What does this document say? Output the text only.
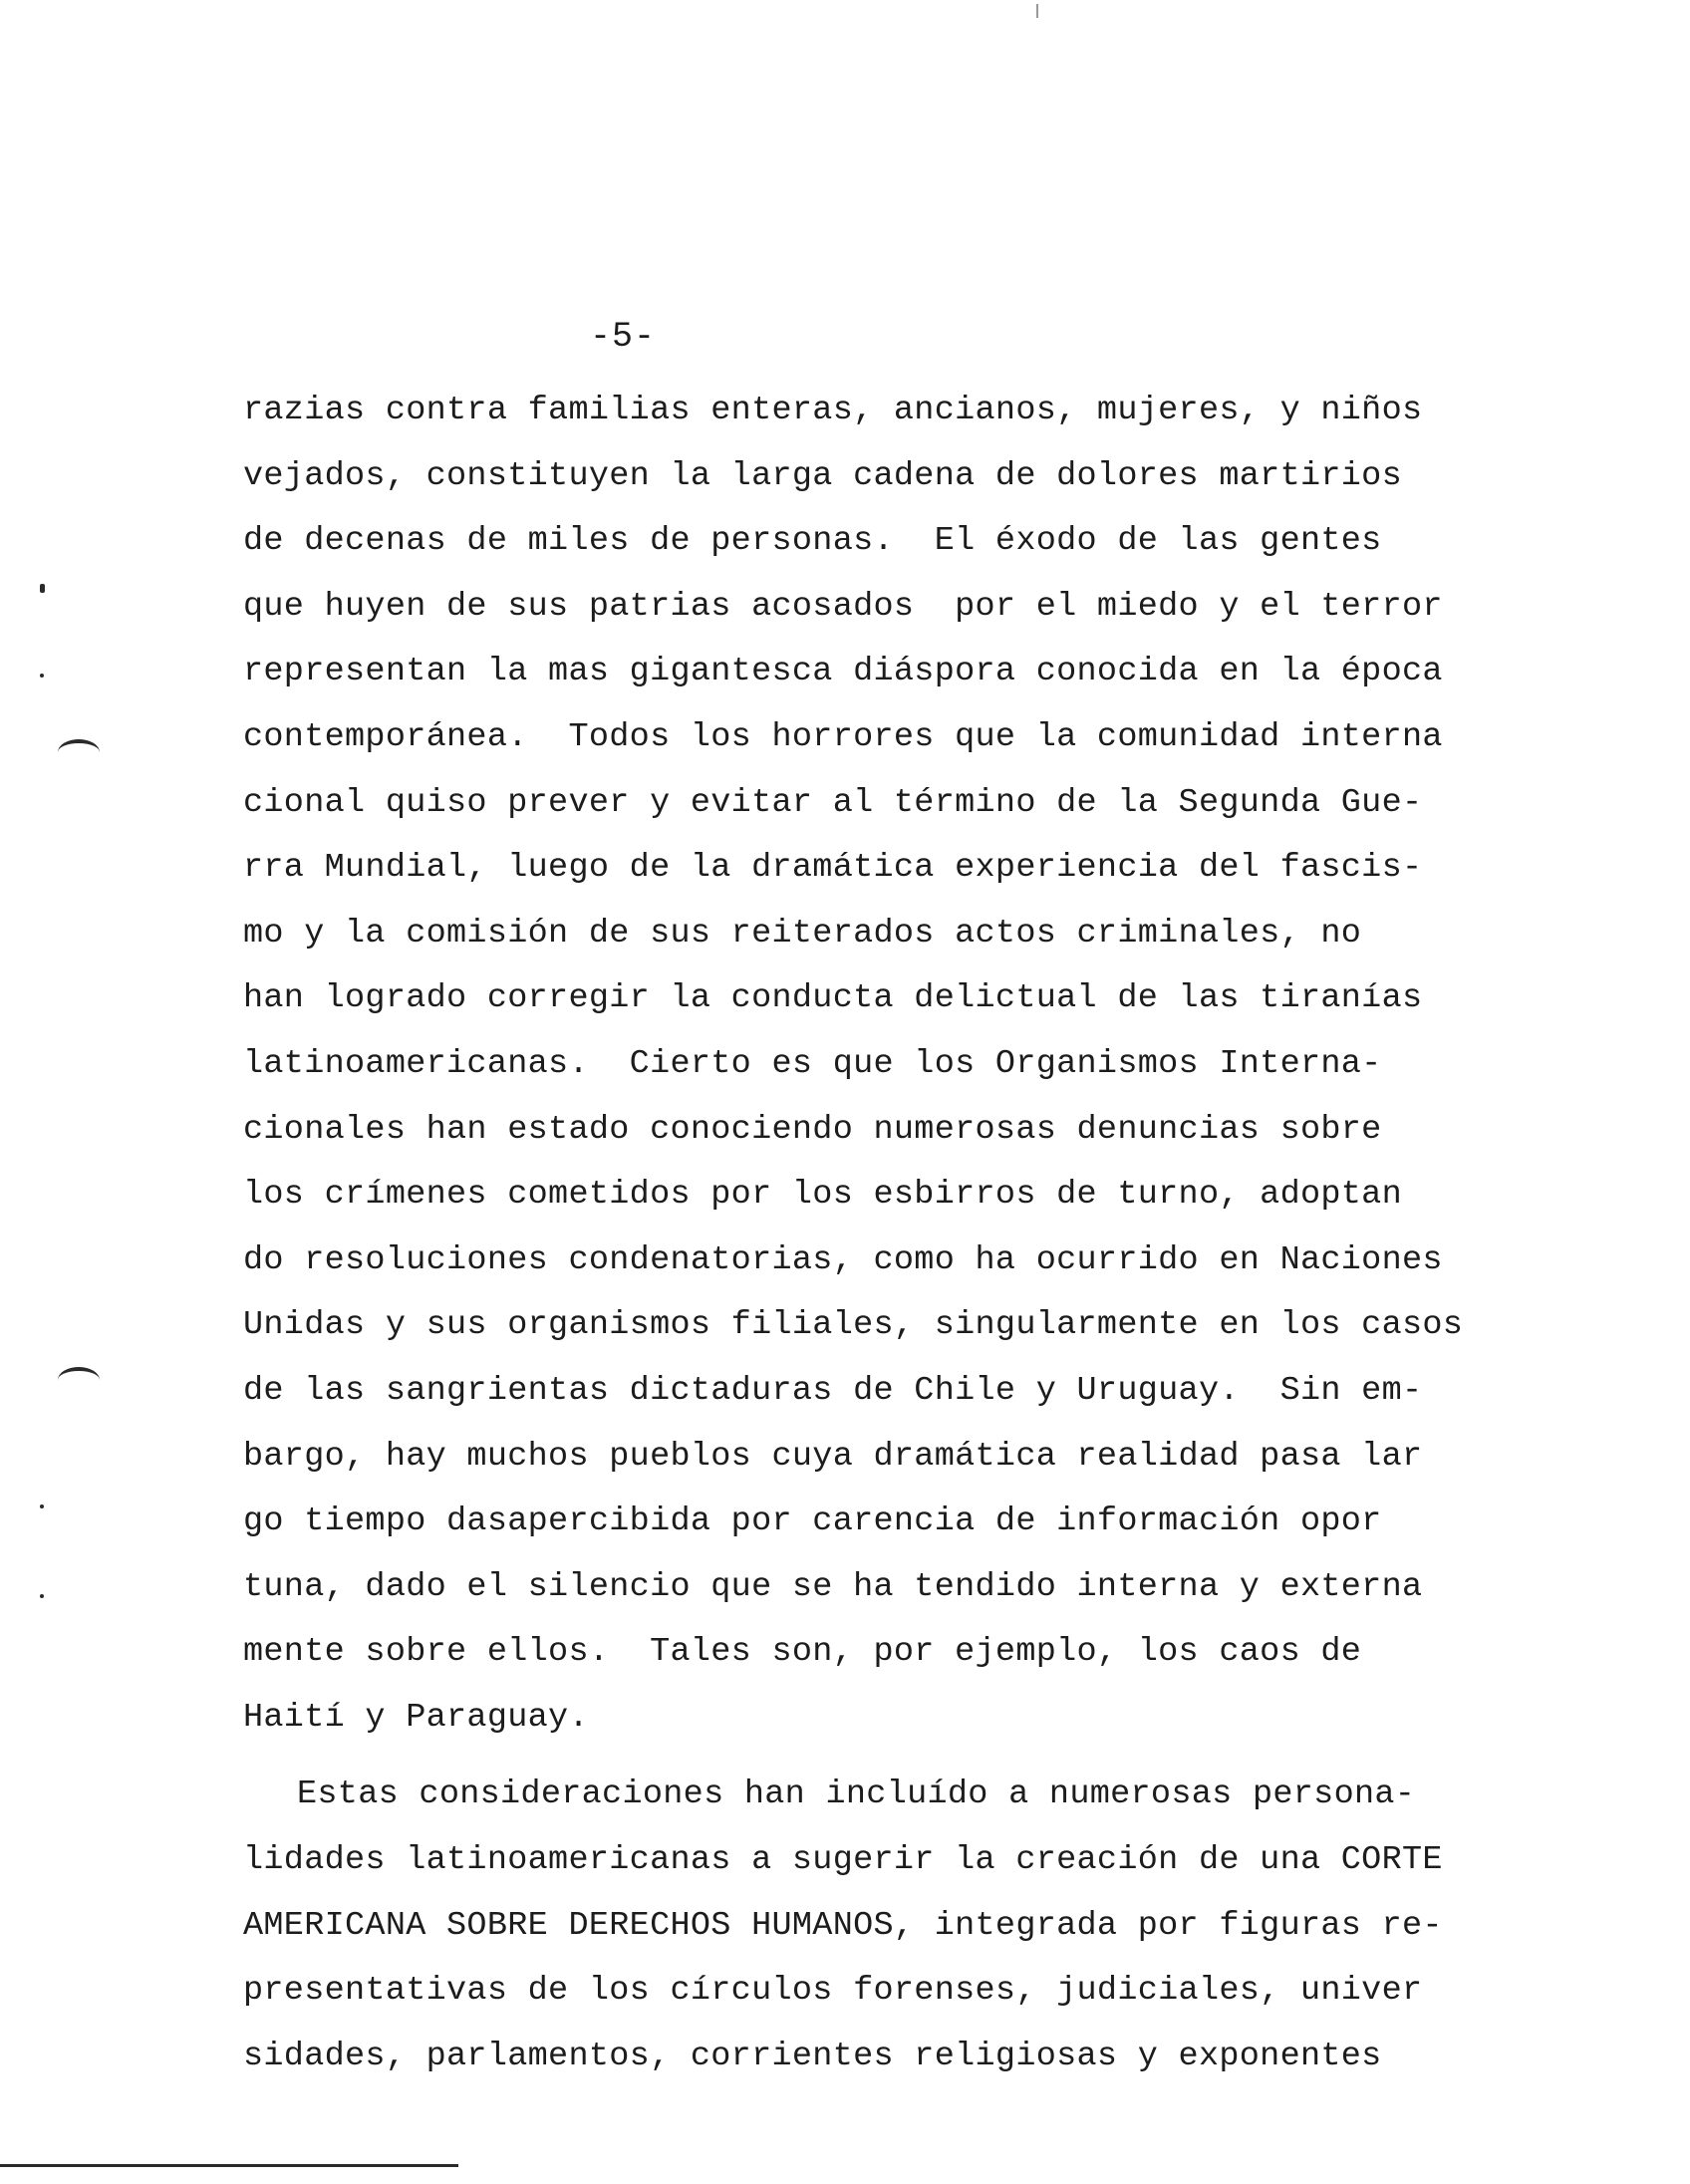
-5-
razias contra familias enteras, ancianos, mujeres, y niños
vejados, constituyen la larga cadena de dolores martirios
de decenas de miles de personas.  El éxodo de las gentes
que huyen de sus patrias acosados  por el miedo y el terror
representan la mas gigantesca diáspora conocida en la época
contemporánea.  Todos los horrores que la comunidad interna
cional quiso prever y evitar al término de la Segunda Gue-
rra Mundial, luego de la dramática experiencia del fascis-
mo y la comisión de sus reiterados actos criminales, no
han logrado corregir la conducta delictual de las tiranías
latinoamericanas.  Cierto es que los Organismos Interna-
cionales han estado conociendo numerosas denuncias sobre
los crímenes cometidos por los esbirros de turno, adoptan
do resoluciones condenatorias, como ha ocurrido en Naciones
Unidas y sus organismos filiales, singularmente en los casos
de las sangrientas dictaduras de Chile y Uruguay.  Sin em-
bargo, hay muchos pueblos cuya dramática realidad pasa lar
go tiempo dasapercibida por carencia de información opor
tuna, dado el silencio que se ha tendido interna y externa
mente sobre ellos.  Tales son, por ejemplo, los caos de
Haití y Paraguay.
Estas consideraciones han incluído a numerosas persona-
lidades latinoamericanas a sugerir la creación de una CORTE
AMERICANA SOBRE DERECHOS HUMANOS, integrada por figuras re-
presentativas de los círculos forenses, judiciales, univer
sidades, parlamentos, corrientes religiosas y exponentes
